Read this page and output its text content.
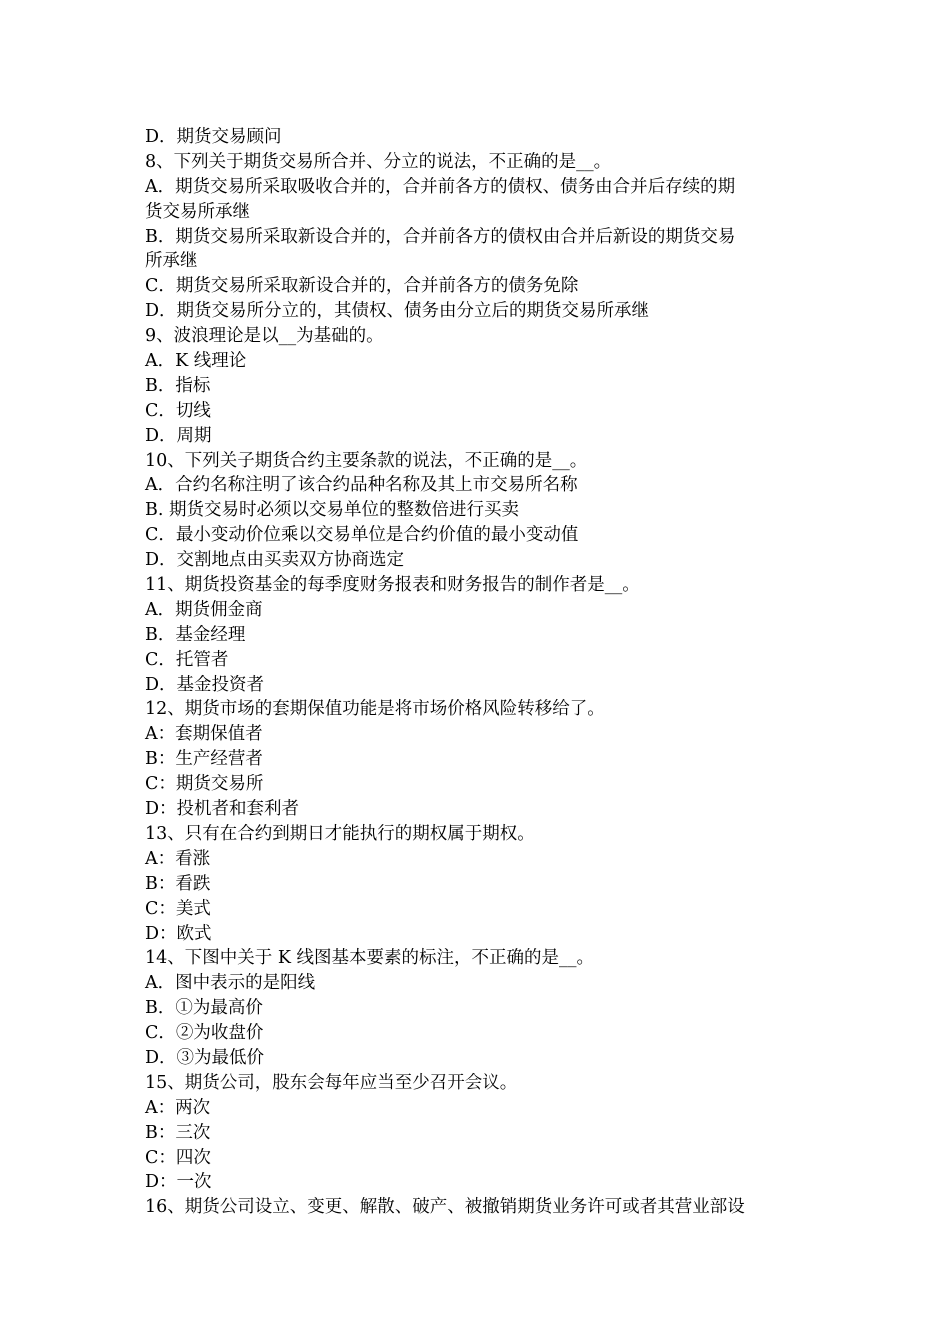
D．期货交易顾问
8、下列关于期货交易所合并、分立的说法，不正确的是__。
A．期货交易所采取吸收合并的，合并前各方的债权、债务由合并后存续的期
货交易所承继
B．期货交易所采取新设合并的，合并前各方的债权由合并后新设的期货交易
所承继
C．期货交易所采取新设合并的，合并前各方的债务免除
D．期货交易所分立的，其债权、债务由分立后的期货交易所承继
9、波浪理论是以__为基础的。
A．K 线理论
B．指标
C．切线
D．周期
10、下列关子期货合约主要条款的说法，不正确的是__。
A．合约名称注明了该合约品种名称及其上市交易所名称
B. 期货交易时必须以交易单位的整数倍进行买卖
C．最小变动价位乘以交易单位是合约价值的最小变动值
D．交割地点由买卖双方协商选定
11、期货投资基金的每季度财务报表和财务报告的制作者是__。
A．期货佣金商
B．基金经理
C．托管者
D．基金投资者
12、期货市场的套期保值功能是将市场价格风险转移给了。
A：套期保值者
B：生产经营者
C：期货交易所
D：投机者和套利者
13、只有在合约到期日才能执行的期权属于期权。
A：看涨
B：看跌
C：美式
D：欧式
14、下图中关于 K 线图基本要素的标注，不正确的是__。
A．图中表示的是阳线
B．①为最高价
C．②为收盘价
D．③为最低价
15、期货公司，股东会每年应当至少召开会议。
A：两次
B：三次
C：四次
D：一次
16、期货公司设立、变更、解散、破产、被撤销期货业务许可或者其营业部设
